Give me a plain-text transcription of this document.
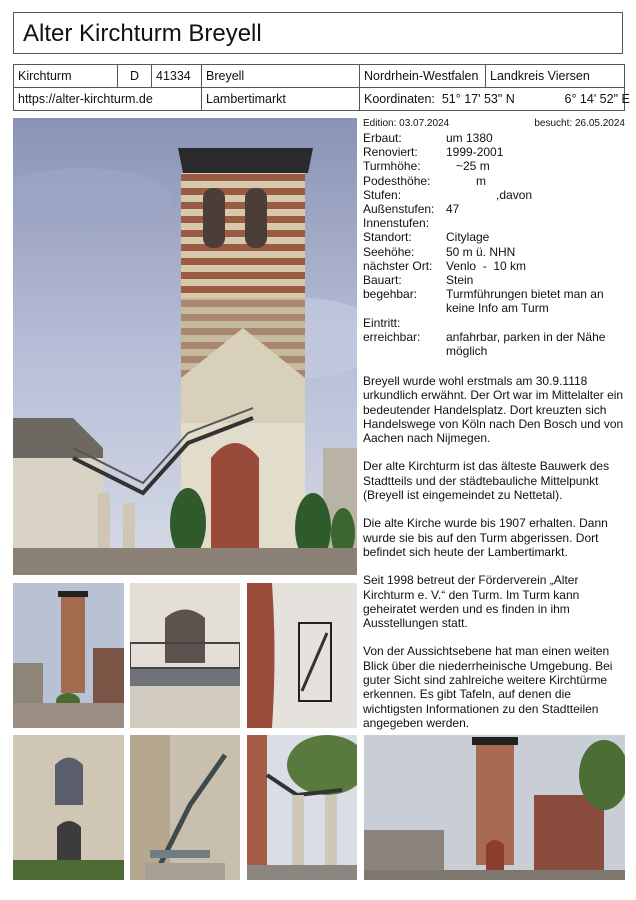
Alter Kirchturm Breyell
Kirchturm	D	41334	Breyell	Nordrhein-Westfalen	Landkreis Viersen
https://alter-kirchturm.de			Lambertimarkt	Koordinaten: 51° 17' 53" N 6° 14' 52" E	
Edition: 03.07.2024	besucht: 26.05.2024
Erbaut:	um 1380
Renoviert:	1999-2001
Turmhöhe:	~25 m
Podesthöhe:	m
Stufen:	,davon
Außenstufen: 47
Innenstufen:
Standort:	Citylage
Seehöhe:	50 m ü. NHN
nächster Ort:	Venlo  -  10 km
Bauart:	Stein
begehbar:	Turmführungen bietet man an keine Info am Turm
Eintritt:
erreichbar:	anfahrbar, parken in der Nähe möglich

Breyell wurde wohl erstmals am 30.9.1118 urkundlich erwähnt. Der Ort war im Mittelalter ein bedeutender Handelsplatz. Dort kreuzten sich Handelswege von Köln nach Den Bosch und von Aachen nach Nijmegen.

Der alte Kirchturm ist das älteste Bauwerk des Stadtteils und der städtebauliche Mittelpunkt (Breyell ist eingemeindet zu Nettetal).

Die alte Kirche wurde bis 1907 erhalten. Dann wurde sie bis auf den Turm abgerissen. Dort befindet sich heute der Lambertimarkt.

Seit 1998 betreut der Förderverein „Alter Kirchturm e. V.“ den Turm. Im Turm kann geheiratet werden und es finden in ihm Ausstellungen statt.

Von der Aussichtsebene hat man einen weiten Blick über die niederrheinische Umgebung. Bei guter Sicht sind zahlreiche weitere Kirchtürme erkennen. Es gibt Tafeln, auf denen die wichtigsten Informationen zu den Stadtteilen angegeben werden.
